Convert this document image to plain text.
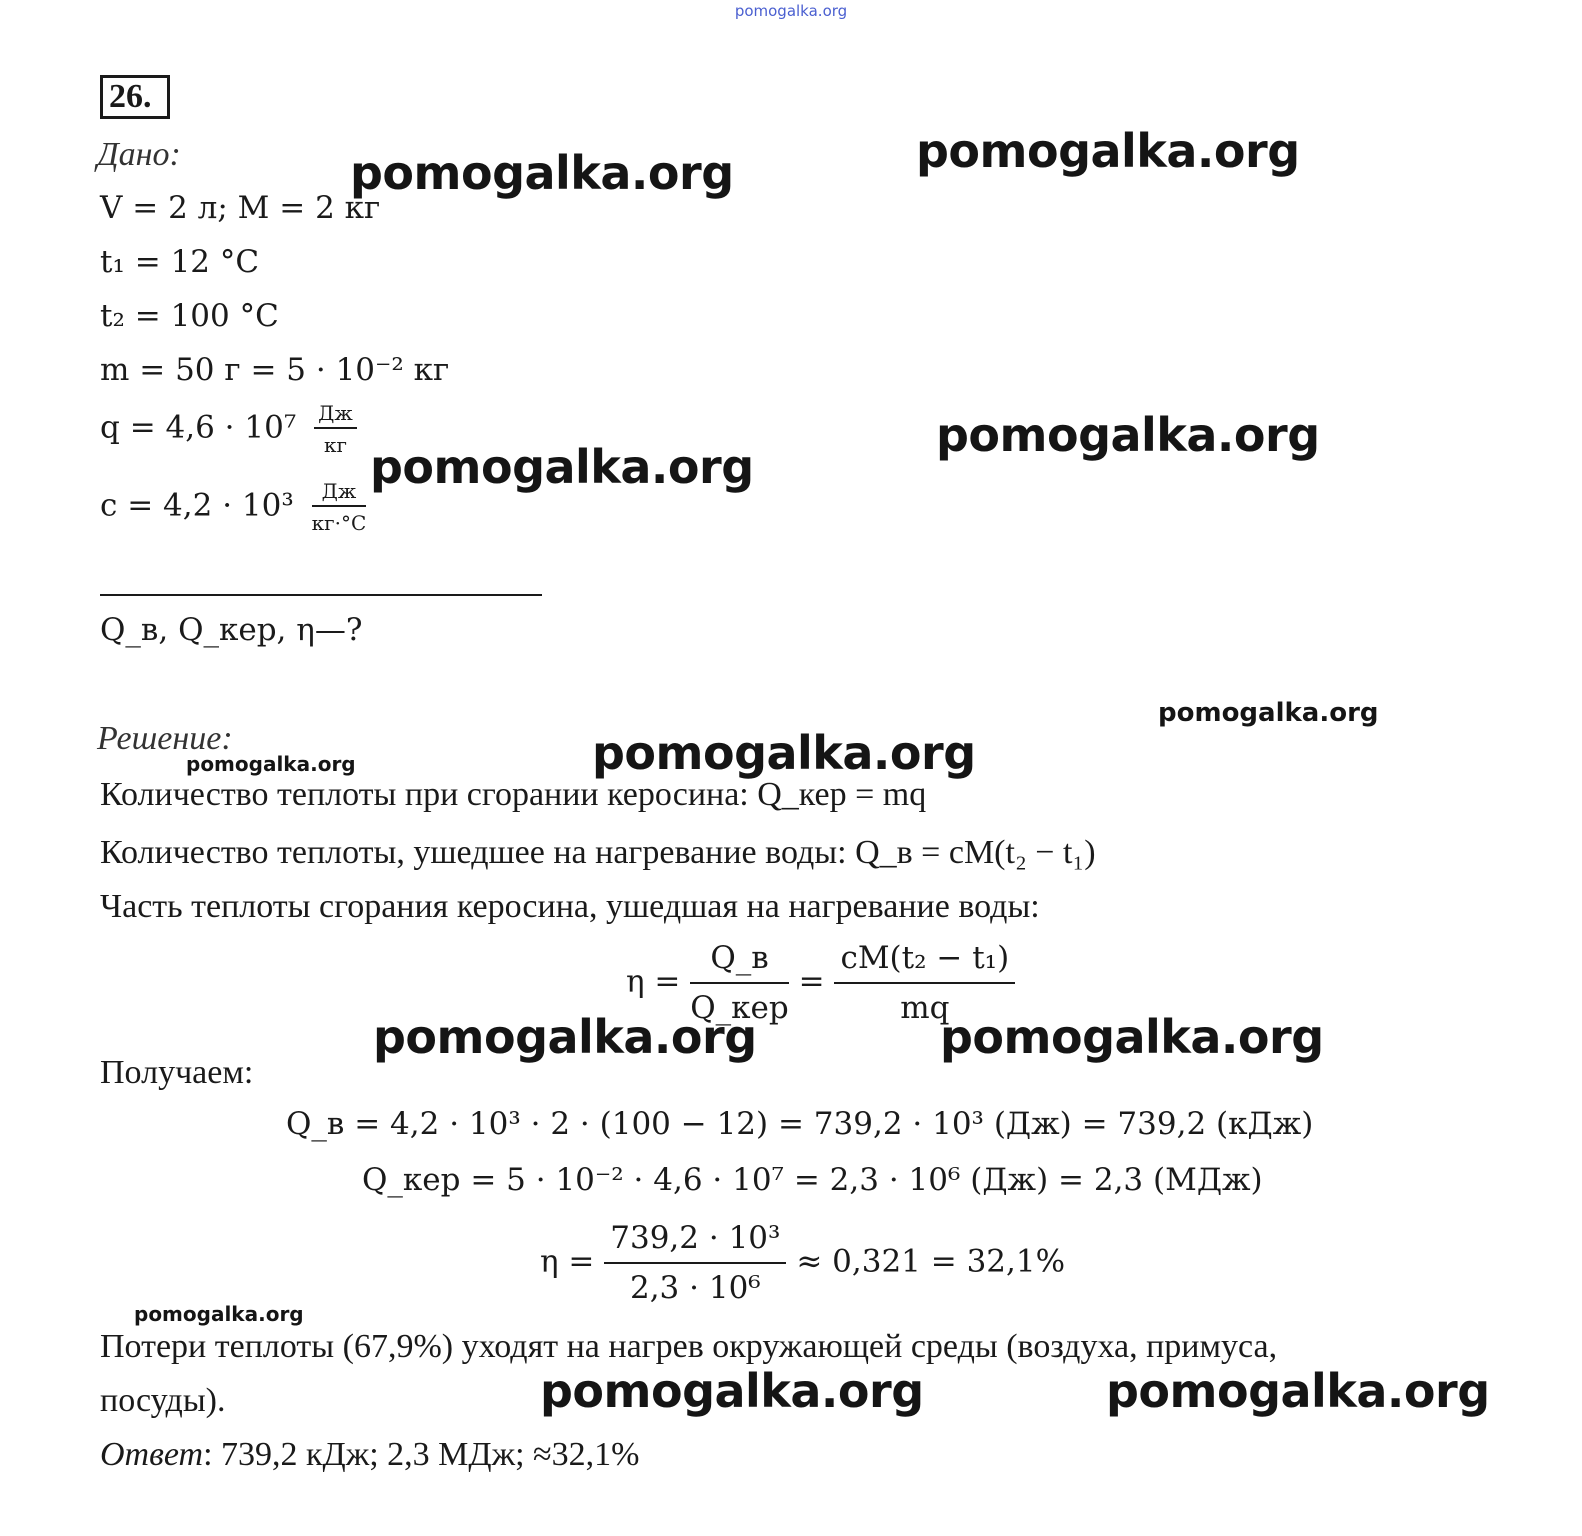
pomogalka.org
26.
Дано:
V = 2 л; M = 2 кг
t₁ = 12 °C
t₂ = 100 °C
m = 50 г = 5 · 10⁻² кг
$q = 4,6 \cdot 10^7 \frac{Дж}{кг}$
$c = 4,2 \cdot 10^3 \frac{Дж}{кг\cdot^\circ C}$
Q_в, Q_кер, η—?
Решение:
Количество теплоты при сгорании керосина: Q_кер = mq
Количество теплоты, ушедшее на нагревание воды: Q_в = cM(t₂ − t₁)
Часть теплоты сгорания керосина, ушедшая на нагревание воды:
$\eta = \frac{Q\_в}{\text{Q\_кер}} = \frac{\text{cM(t₂ − t₁)}}{mq}$
Получаем:
Q_в = 4,2 · 10³ · 2 · (100 − 12) = 739,2 · 10³ (Дж) = 739,2 (кДж)
Q_кер = 5 · 10⁻² · 4,6 · 10⁷ = 2,3 · 10⁶ (Дж) = 2,3 (МДж)
$\eta = \frac{\text{739,2 · 10³}}{\text{2,3 · 10⁶}} \approx 0,321 = 32,1\%$
Потери теплоты (67,9%) уходят на нагрев окружающей среды (воздуха, примуса,
посуды).
Ответ: 739,2 кДж; 2,3 МДж; ≈32,1%
pomogalka.org	pomogalka.org
pomogalka.org
pomogalka.org
pomogalka.org
pomogalka.org
pomogalka.org
pomogalka.org	pomogalka.org
pomogalka.org
pomogalka.org	pomogalka.org
